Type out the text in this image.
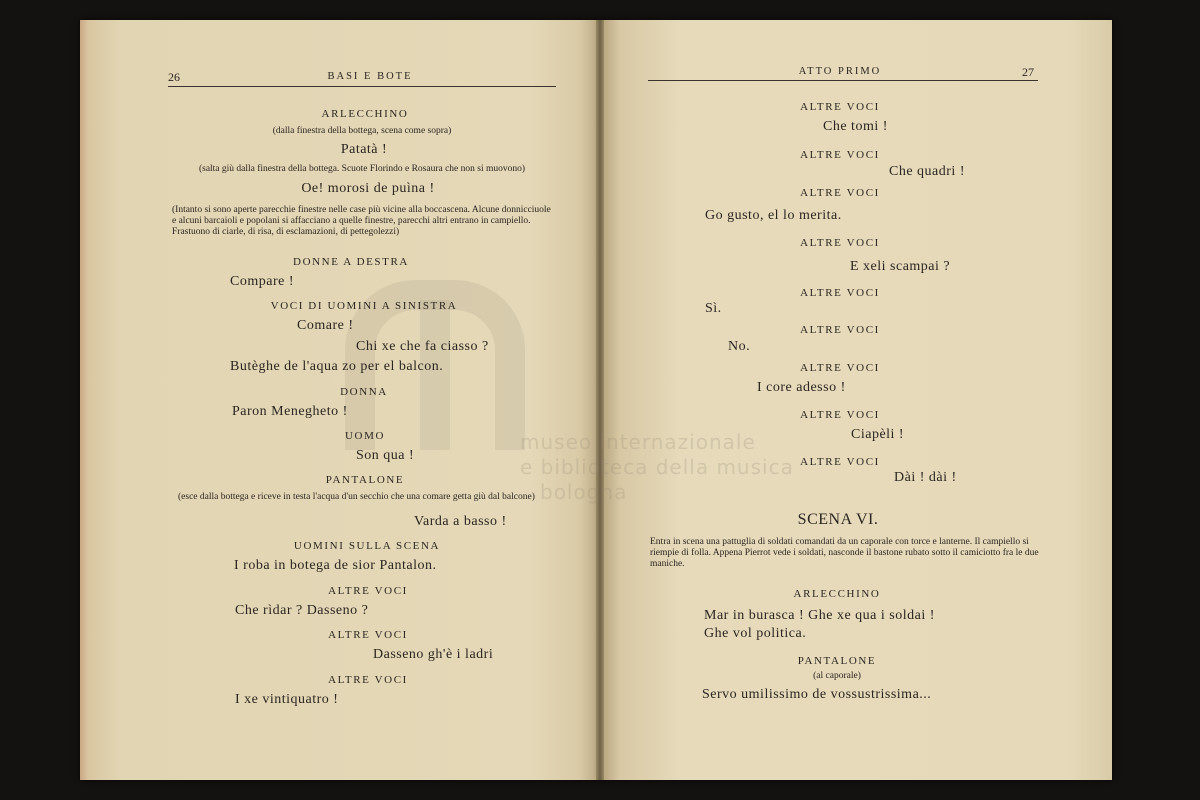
museo internazionale
e biblioteca della musica
bologna
26	BASI E BOTE
ARLECCHINO
(dalla finestra della bottega, scena come sopra)
Patatà !
(salta giù dalla finestra della bottega. Scuote Florindo e Rosaura che non si muovono)
Oe! morosi de puìna !
(Intanto si sono aperte parecchie finestre nelle case più vicine alla boccascena. Alcune donnicciuole e alcuni barcaioli e popolani si affacciano a quelle finestre, parecchi altri entrano in campiello. Frastuono di ciarle, di risa, di esclamazioni, di pettegolezzi)
DONNE A DESTRA
Compare !
VOCI DI UOMINI A SINISTRA
Comare !
Chi xe che fa ciasso ?
Butèghe de l'aqua zo per el balcon.
DONNA
Paron Menegheto !
UOMO
Son qua !
PANTALONE
(esce dalla bottega e riceve in testa l'acqua d'un secchio che una comare getta giù dal balcone)
Varda a basso !
UOMINI SULLA SCENA
I roba in botega de sior Pantalon.
ALTRE VOCI
Che rìdar ? Dasseno ?
ALTRE VOCI
Dasseno gh'è i ladri
ALTRE VOCI
I xe vintiquatro !
ATTO PRIMO	27
ALTRE VOCI
Che tomi !
ALTRE VOCI
Che quadri !
ALTRE VOCI
Go gusto, el lo merita.
ALTRE VOCI
E xeli scampai ?
ALTRE VOCI
Sì.
ALTRE VOCI
No.
ALTRE VOCI
I core adesso !
ALTRE VOCI
Ciapèli !
ALTRE VOCI
Dài ! dài !
SCENA VI.
Entra in scena una pattuglia di soldati comandati da un caporale con torce e lanterne. Il campiello si riempie di folla. Appena Pierrot vede i soldati, nasconde il bastone rubato sotto il camiciotto fra le due maniche.
ARLECCHINO
Mar in burasca ! Ghe xe qua i soldai !
Ghe vol politica.
PANTALONE
(al caporale)
Servo umilissimo de vossustrissima...
